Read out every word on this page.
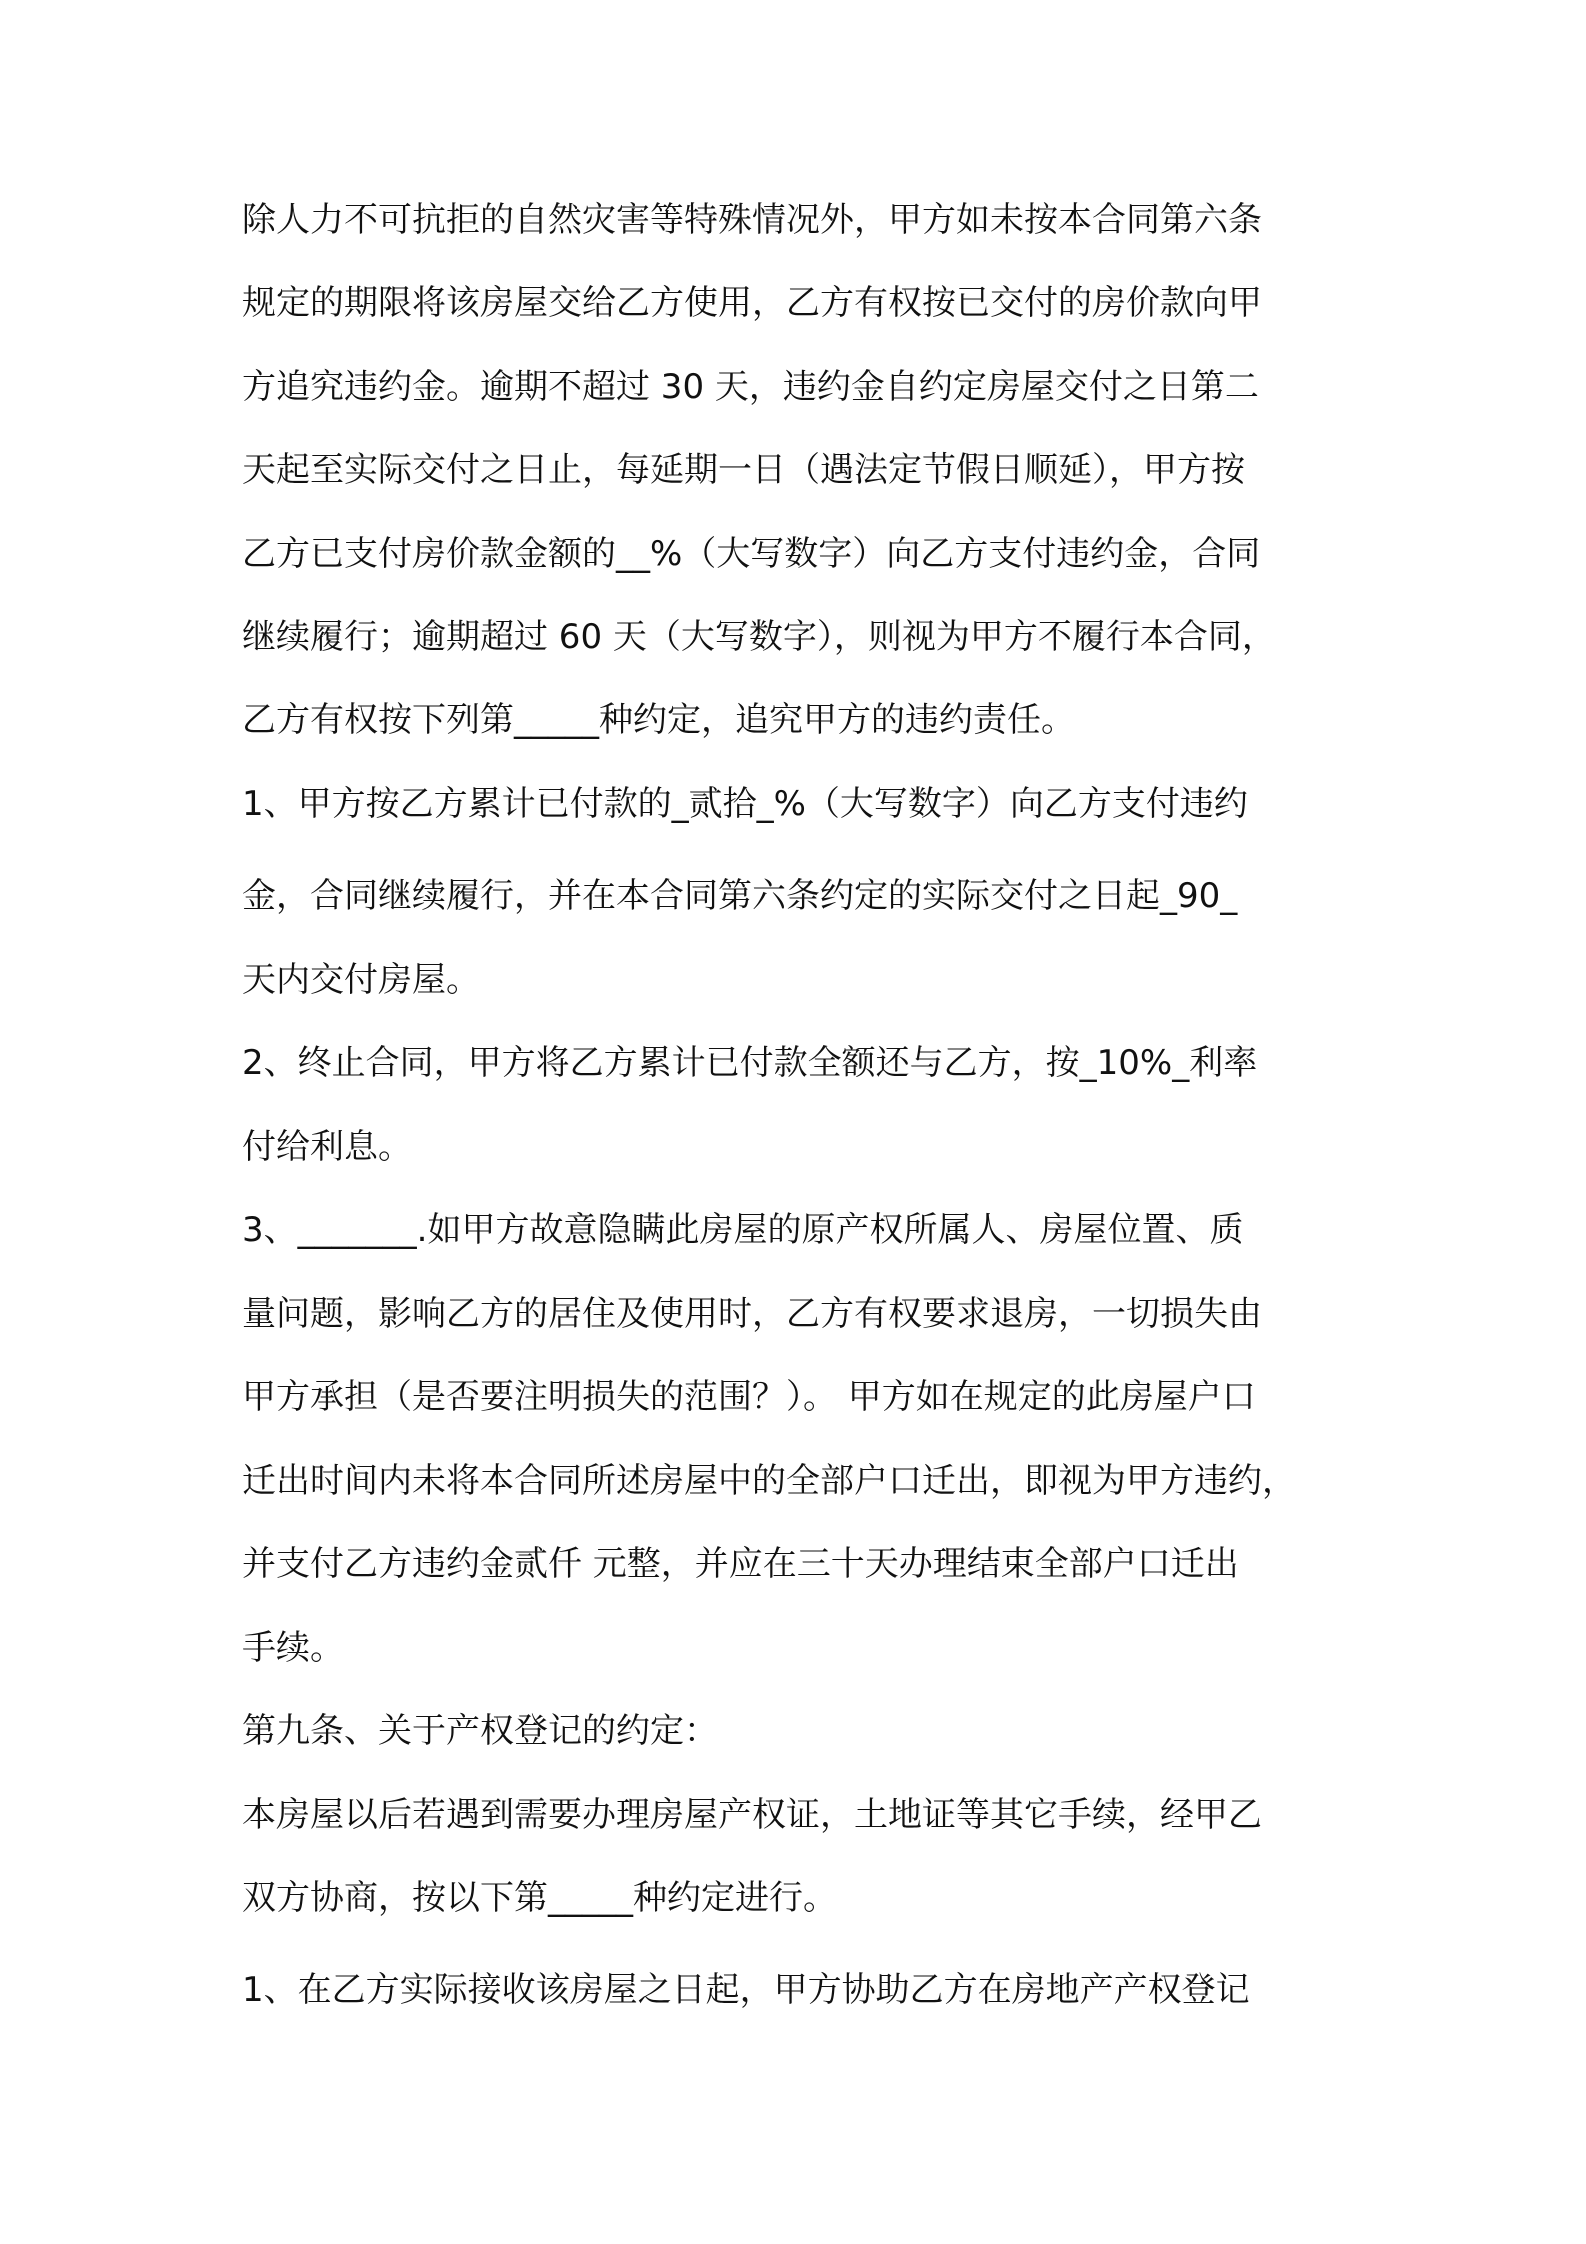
除人力不可抗拒的自然灾害等特殊情况外，甲方如未按本合同第六条

规定的期限将该房屋交给乙方使用，乙方有权按已交付的房价款向甲

方追究违约金。逾期不超过 30 天，违约金自约定房屋交付之日第二

天起至实际交付之日止，每延期一日（遇法定节假日顺延），甲方按

乙方已支付房价款金额的__%（大写数字）向乙方支付违约金，合同

继续履行；逾期超过 60 天（大写数字），则视为甲方不履行本合同，

乙方有权按下列第_____种约定，追究甲方的违约责任。

1、甲方按乙方累计已付款的_贰拾_%（大写数字）向乙方支付违约

金，合同继续履行，并在本合同第六条约定的实际交付之日起_90_

天内交付房屋。

2、终止合同，甲方将乙方累计已付款全额还与乙方，按_10%_利率

付给利息。

3、_______.如甲方故意隐瞒此房屋的原产权所属人、房屋位置、质

量问题，影响乙方的居住及使用时，乙方有权要求退房，一切损失由

甲方承担（是否要注明损失的范围？）。 甲方如在规定的此房屋户口

迁出时间内未将本合同所述房屋中的全部户口迁出，即视为甲方违约，

并支付乙方违约金贰仟 元整，并应在三十天办理结束全部户口迁出

手续。

第九条、关于产权登记的约定：

本房屋以后若遇到需要办理房屋产权证，土地证等其它手续，经甲乙

双方协商，按以下第_____种约定进行。

1、在乙方实际接收该房屋之日起，甲方协助乙方在房地产产权登记
